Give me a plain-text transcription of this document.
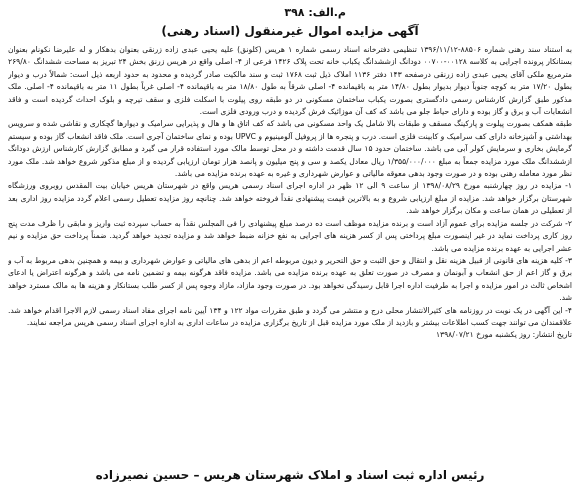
م.الف: ۳۹۸
آگهی مزایده اموال غیرمنقول (اسناد رهنی)

به استناد سند رهنی شماره ۸۸۵۰۶-۱۳۹۶/۱۱/۱۲ تنظیمی دفترخانه اسناد رسمی شماره ۱ هریس (کلونق) علیه یحیی عبدی زاده زرنقی بعنوان بدهکار و له علیرضا نکونام بعنوان بستانکار پرونده اجرایی به کلاسه ۰۰۱۲۸-۰۰۷۰۰ دودانگ ازششدانگ یکباب خانه تحت پلاک ۱۴۲۶ فرعی از ۴- اصلی واقع در هریس زرنق بخش ۲۴ تبریز به مساحت ششدانگ ۲۶۹/۸۰ مترمربع ملکی آقای یحیی عبدی زاده زرنقی درصفحه ۱۴۳ دفتر ۱۱۳۶ املاک ذیل ثبت ۱۷۶۸ ثبت و سند مالکیت صادر گردیده و محدود به حدود اربعه ذیل است: شمالاً درب و دیوار بطول ۱۷/۲۰ متر به کوچه جنوباً دیوار بدیوار بطول ۱۴/۸۰ متر به باقیمانده ۴- اصلی شرقاً به طول ۱۸/۸۰ متر به باقیمانده ۴- اصلی غرباً بطول ۱۱ متر به باقیمانده ۴- اصلی. ملک مذکور طبق گزارش کارشناس رسمی دادگستری بصورت یکباب ساختمان مسکونی در دو طبقه روی پیلوت با اسکلت فلزی و سقف تیرچه و بلوک احداث گردیده است و فاقد انشعابات آب و برق و گاز بوده و دارای حیاط جلو می باشد که کف آن موزائیک فرش گردیده و درب ورودی فلزی است.

طبقه همکف بصورت پیلوت و پارکینگ مسقف و طبقات بالا شامل یک واحد مسکونی می باشد که کف اتاق ها و هال و پذیرایی سرامیک و دیوارها گچکاری و نقاشی شده و سرویس بهداشتی و آشپزخانه دارای کف سرامیک و کابینت فلزی است. درب و پنجره ها از پروفیل آلومینیوم و UPVC بوده و نمای ساختمان آجری است. ملک فاقد انشعاب گاز بوده و سیستم گرمایش بخاری و سرمایش کولر آبی می باشد. ساختمان حدود ۱۵ سال قدمت داشته و در محل توسط مالک مورد استفاده قرار می گیرد و مطابق گزارش کارشناس ارزش دودانگ ازششدانگ ملک مورد مزایده جمعاً به مبلغ ۱/۳۵۵/۰۰۰/۰۰۰ ریال معادل یکصد و سی و پنج میلیون و پانصد هزار تومان ارزیابی گردیده و از مبلغ مذکور شروع خواهد شد. ملک مورد نظر مورد معامله رهنی بوده و در صورت وجود بدهی معوقه مالیاتی و عوارض شهرداری و غیره به عهده برنده مزایده می باشد.

۱- مزایده در روز چهارشنبه مورخ ۱۳۹۸/۰۸/۲۹ از ساعت ۹ الی ۱۲ ظهر در اداره اجرای اسناد رسمی هریس واقع در شهرستان هریس خیابان بیت المقدس روبروی ورزشگاه شهرستان برگزار خواهد شد. مزایده از مبلغ ارزیابی شروع و به بالاترین قیمت پیشنهادی نقداً فروخته خواهد شد. چنانچه روز مزایده تعطیل رسمی اعلام گردد مزایده روز اداری بعد از تعطیلی در همان ساعت و مکان برگزار خواهد شد.

۲- شرکت در جلسه مزایده برای عموم آزاد است و برنده مزایده موظف است ده درصد مبلغ پیشنهادی را فی المجلس نقداً به حساب سپرده ثبت واریز و مابقی را ظرف مدت پنج روز کاری پرداخت نماید در غیر اینصورت مبلغ پرداختی پس از کسر هزینه های اجرایی به نفع خزانه ضبط خواهد شد و مزایده تجدید خواهد گردید. ضمناً پرداخت حق مزایده و نیم عشر اجرایی به عهده برنده مزایده می باشد.

۳- کلیه هزینه های قانونی از قبیل هزینه نقل و انتقال و حق الثبت و حق التحریر و دیون مربوطه اعم از بدهی های مالیاتی و عوارض شهرداری و بیمه و همچنین بدهی مربوط به آب و برق و گاز اعم از حق انشعاب و آبونمان و مصرف در صورت تعلق به عهده برنده مزایده می باشد. مزایده فاقد هرگونه بیمه و تضمین نامه می باشد و هرگونه اعتراض یا ادعای اشخاص ثالث در امور مزایده و اجرا به طرفیت اداره اجرا قابل رسیدگی نخواهد بود. در صورت وجود مازاد، مازاد وجوه پس از کسر طلب بستانکار و هزینه ها به مالک مسترد خواهد شد.

۴- این آگهی در یک نوبت در روزنامه های کثیرالانتشار محلی درج و منتشر می گردد و طبق مقررات مواد ۱۲۲ و ۱۳۴ آیین نامه اجرای مفاد اسناد رسمی لازم الاجرا اقدام خواهد شد. علاقمندان می توانند جهت کسب اطلاعات بیشتر و بازدید از ملک مورد مزایده قبل از تاریخ برگزاری مزایده در ساعات اداری به اداره اجرای اسناد رسمی هریس مراجعه نمایند.

تاریخ انتشار: روز یکشنبه مورخ ۱۳۹۸/۰۷/۲۱

رئیس اداره ثبت اسناد و املاک شهرستان هریس – حسین نصیرزاده
